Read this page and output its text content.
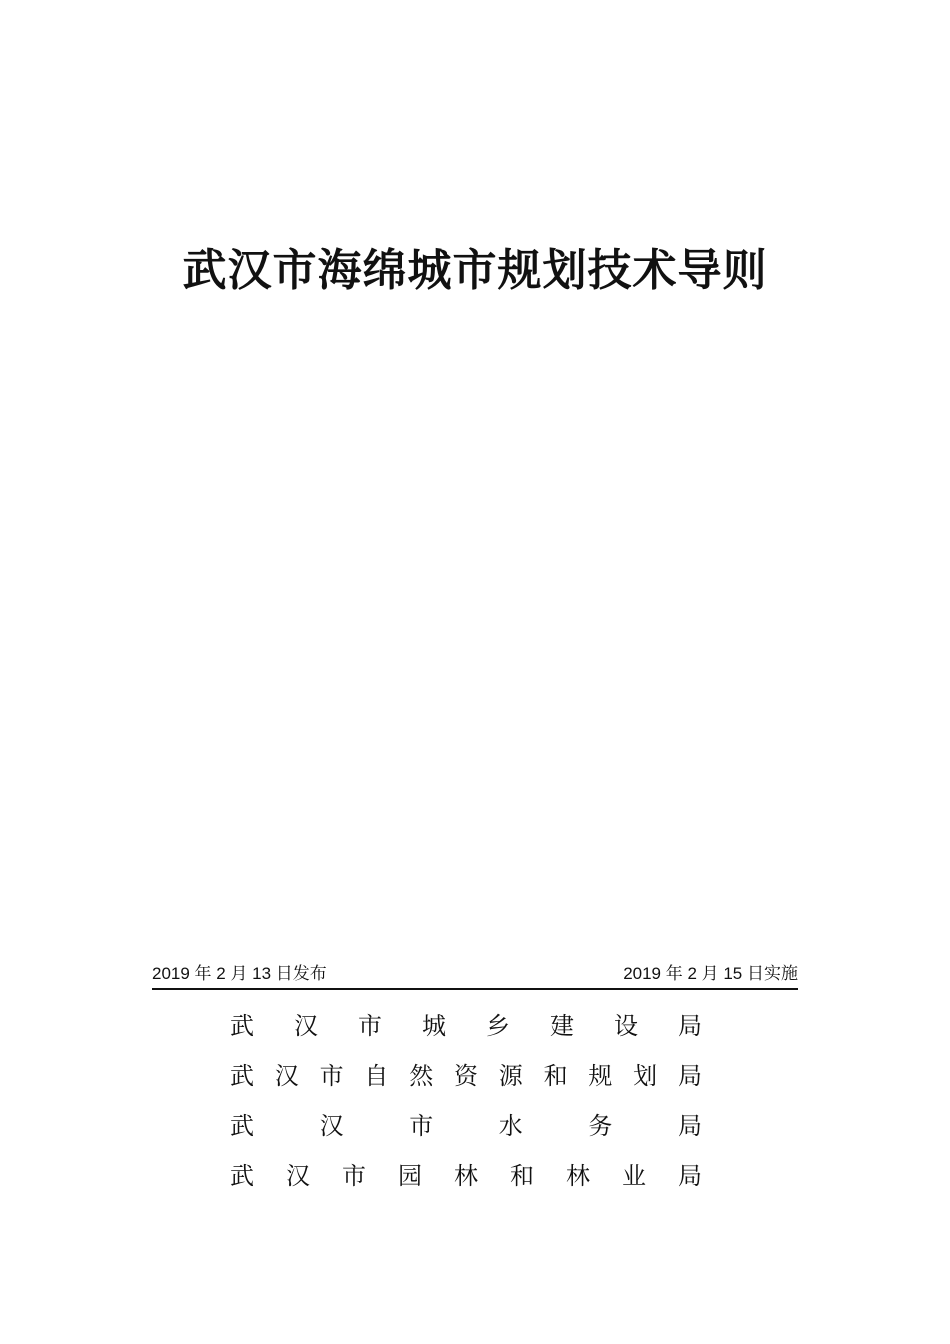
武汉市海绵城市规划技术导则
2019 年 2 月 13 日发布	2019 年 2 月 15 日实施
武 汉 市 城 乡 建 设 局
武 汉 市 自 然 资 源 和 规 划 局
武	汉	市	水	务	局
武 汉 市 园 林 和 林 业 局
